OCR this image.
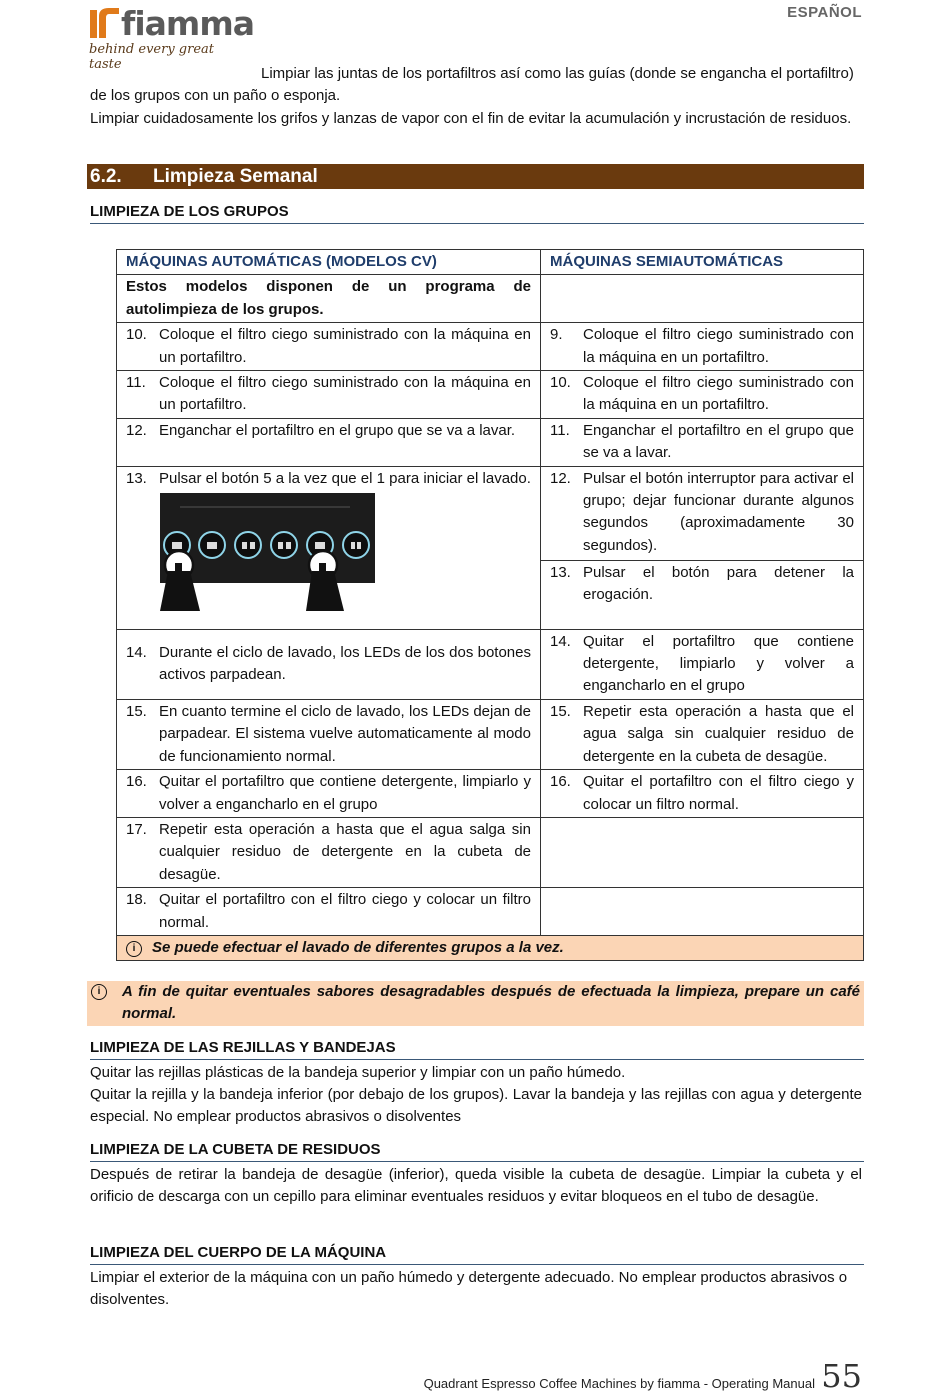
fiamma
behind every great taste
ESPAÑOL

Limpiar las juntas de los portafiltros así como las guías (donde se engancha el portafiltro) de los grupos con un paño o esponja.

Limpiar cuidadosamente los grifos y lanzas de vapor con el fin de evitar la acumulación y incrustación de residuos.

6.2. Limpieza Semanal
LIMPIEZA DE LOS GRUPOS
MÁQUINAS AUTOMÁTICAS (MODELOS CV)	MÁQUINAS SEMIAUTOMÁTICAS
Estos modelos disponen de un programa de autolimpieza de los grupos.	

10. Coloque el filtro ciego suministrado con la máquina en un portafiltro.	9. Coloque el filtro ciego suministrado con la máquina en un portafiltro.

11. Coloque el filtro ciego suministrado con la máquina en un portafiltro.	10. Coloque el filtro ciego suministrado con la máquina en un portafiltro.

12. Enganchar el portafiltro en el grupo que se va a lavar.	11. Enganchar el portafiltro en el grupo que se va a lavar.

13. Pulsar el botón 5 a la vez que el 1 para iniciar el lavado.	12. Pulsar el botón interruptor para activar el grupo; dejar funcionar durante algunos segundos (aproximadamente 30 segundos).

	13. Pulsar el botón para detener la erogación.

14. Durante el ciclo de lavado, los LEDs de los dos botones activos parpadean.	14. Quitar el portafiltro que contiene detergente, limpiarlo y volver a engancharlo en el grupo

15. En cuanto termine el ciclo de lavado, los LEDs dejan de parpadear. El sistema vuelve automaticamente al modo de funcionamiento normal.	15. Repetir esta operación a hasta que el agua salga sin cualquier residuo de detergente en la cubeta de desagüe.

16. Quitar el portafiltro que contiene detergente, limpiarlo y volver a engancharlo en el grupo	16. Quitar el portafiltro con el filtro ciego y colocar un filtro normal.

17. Repetir esta operación a hasta que el agua salga sin cualquier residuo de detergente en la cubeta de desagüe.	

18. Quitar el portafiltro con el filtro ciego y colocar un filtro normal.	

i Se puede efectuar el lavado de diferentes grupos a la vez.	
i	A fin de quitar eventuales sabores desagradables después de efectuada la limpieza, prepare un café normal.
LIMPIEZA DE LAS REJILLAS Y BANDEJAS

Quitar las rejillas plásticas de la bandeja superior y limpiar con un paño húmedo.

Quitar la rejilla y la bandeja inferior (por debajo de los grupos). Lavar la bandeja y las rejillas con agua y detergente especial. No emplear productos abrasivos o disolventes

LIMPIEZA DE LA CUBETA DE RESIDUOS

Después de retirar la bandeja de desagüe (inferior), queda visible la cubeta de desagüe. Limpiar la cubeta y el orificio de descarga con un cepillo para eliminar eventuales residuos y evitar bloqueos en el tubo de desagüe.

LIMPIEZA DEL CUERPO DE LA MÁQUINA

Limpiar el exterior de la máquina con un paño húmedo y detergente adecuado. No emplear productos abrasivos o disolventes.

Quadrant Espresso Coffee Machines by fiamma - Operating Manual 55
